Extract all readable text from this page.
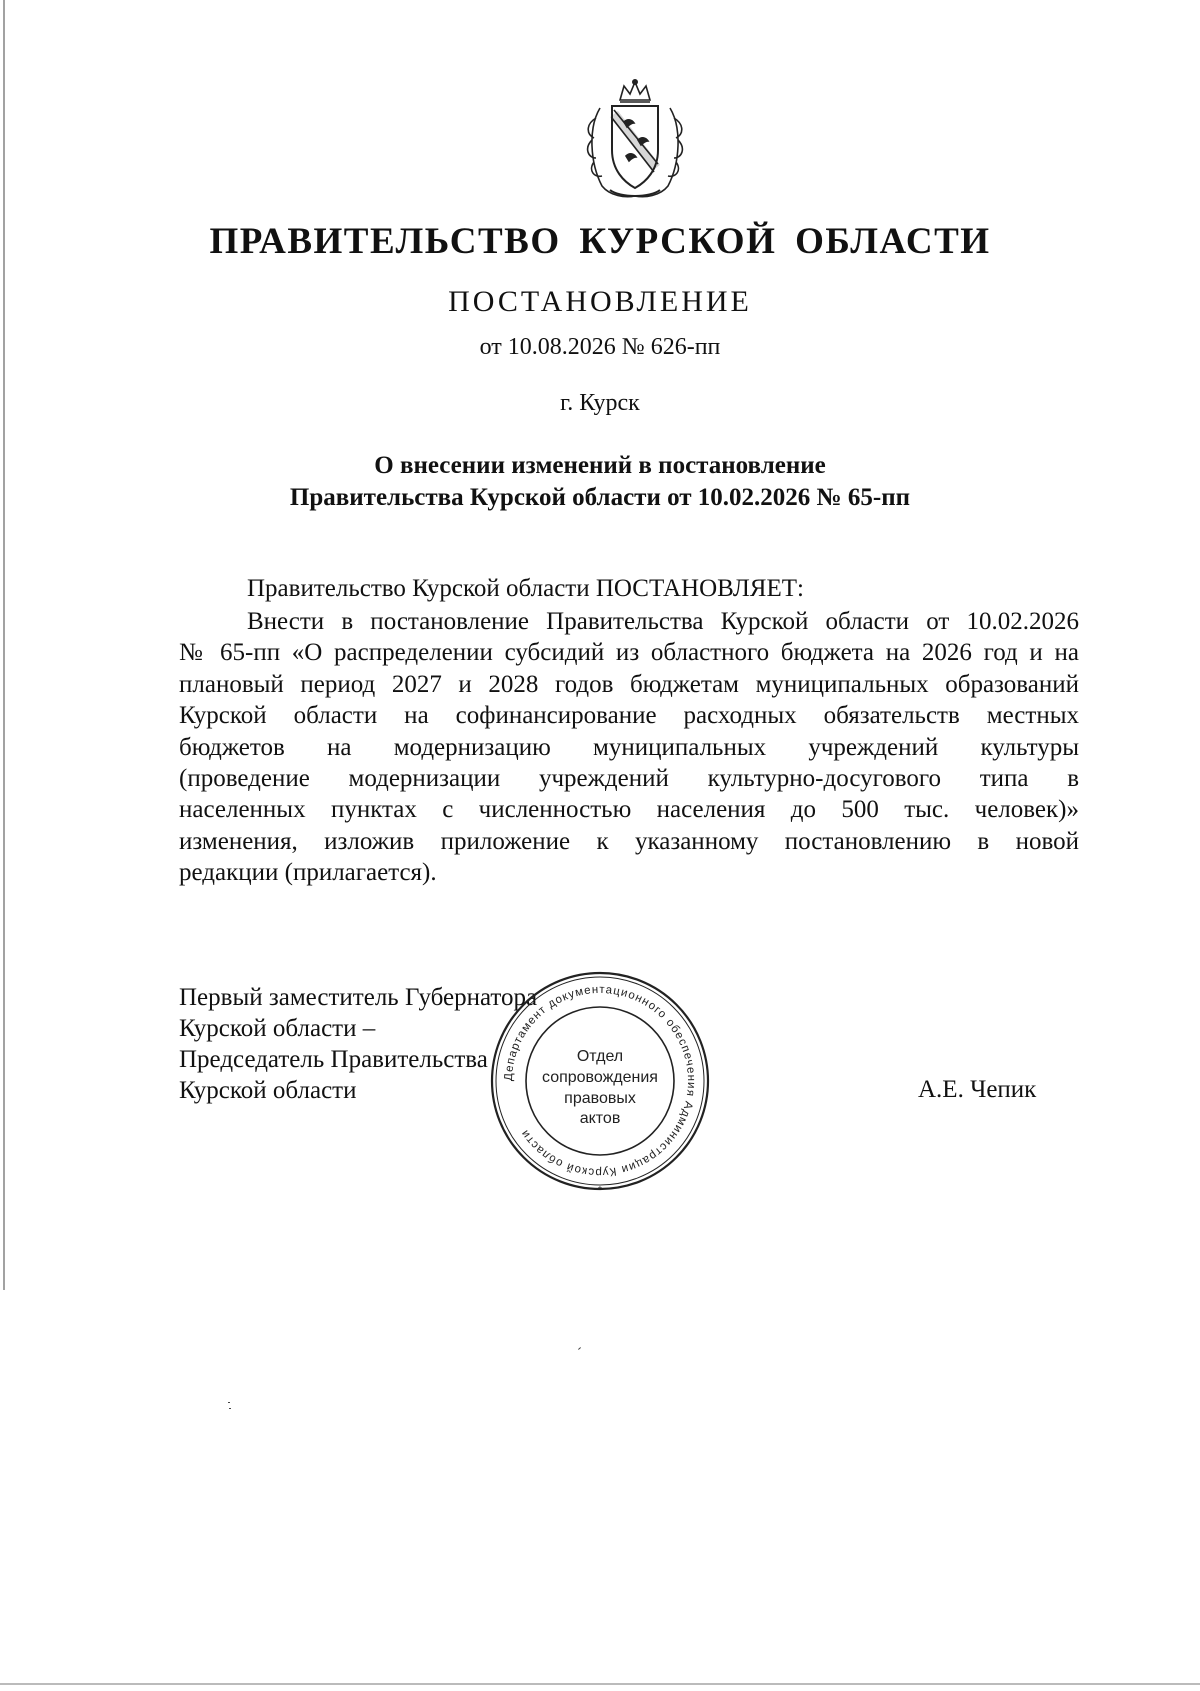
ПРАВИТЕЛЬСТВО КУРСКОЙ ОБЛАСТИ
ПОСТАНОВЛЕНИЕ
от 10.08.2026 № 626-пп
г. Курск
О внесении изменений в постановление
Правительства Курской области от 10.02.2026 № 65-пп
Правительство Курской области ПОСТАНОВЛЯЕТ:
Внести в постановление Правительства Курской области от 10.02.2026
№ 65-пп «О распределении субсидий из областного бюджета на 2026 год и на
плановый период 2027 и 2028 годов бюджетам муниципальных образований
Курской области на софинансирование расходных обязательств местных
бюджетов на модернизацию муниципальных учреждений культуры
(проведение модернизации учреждений культурно-досугового типа в
населенных пунктах с численностью населения до 500 тыс. человек)»
изменения, изложив приложение к указанному постановлению в новой
редакции (прилагается).
Первый заместитель Губернатора
Курской области –
Председатель Правительства
Курской области	А.Е. Чепик
Департамент документационного обеспечения Администрации Курской области
*
Отдел
сопровождения
правовых
актов
